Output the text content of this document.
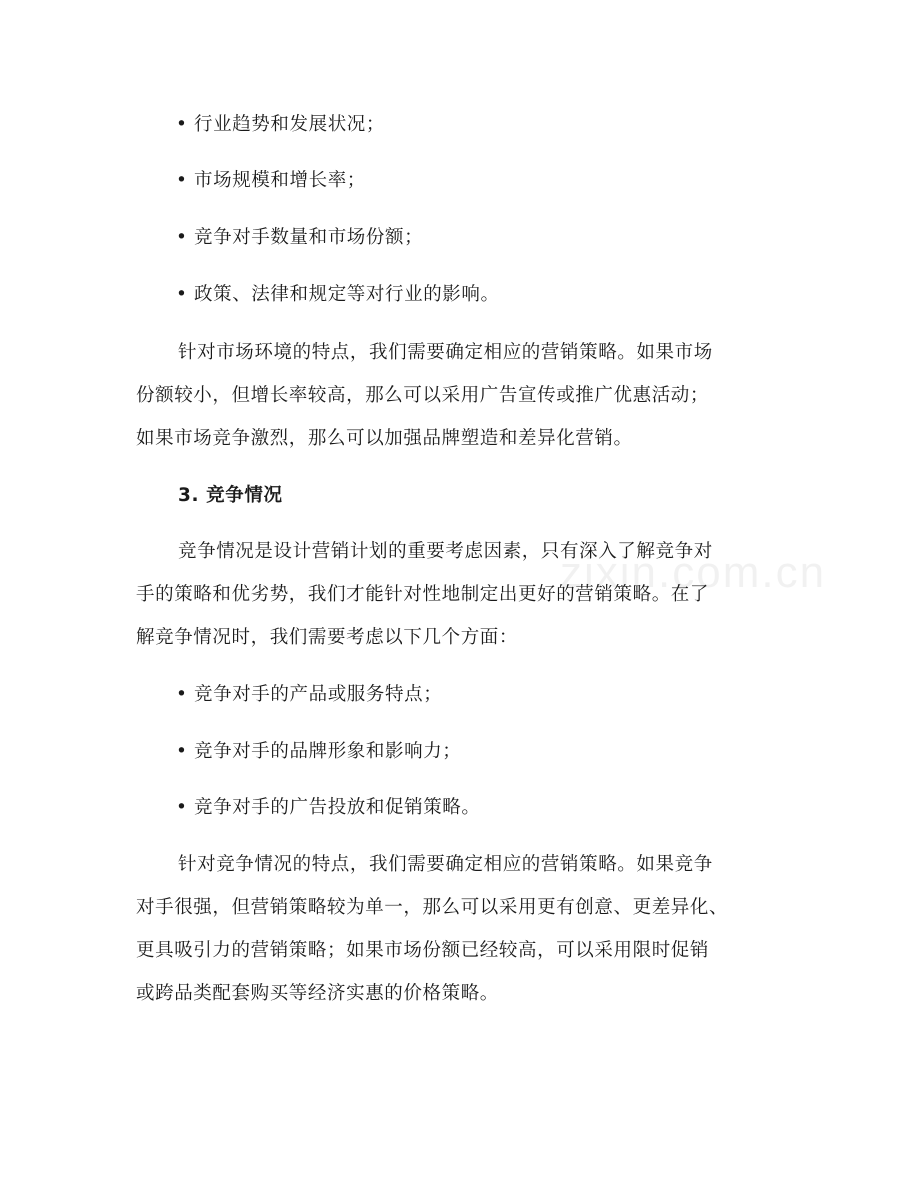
zixin.com.cn
• 行业趋势和发展状况；
• 市场规模和增长率；
• 竞争对手数量和市场份额；
• 政策、法律和规定等对行业的影响。
针对市场环境的特点，我们需要确定相应的营销策略。如果市场
份额较小，但增长率较高，那么可以采用广告宣传或推广优惠活动；
如果市场竞争激烈，那么可以加强品牌塑造和差异化营销。
3. 竞争情况
竞争情况是设计营销计划的重要考虑因素，只有深入了解竞争对
手的策略和优劣势，我们才能针对性地制定出更好的营销策略。在了
解竞争情况时，我们需要考虑以下几个方面：
• 竞争对手的产品或服务特点；
• 竞争对手的品牌形象和影响力；
• 竞争对手的广告投放和促销策略。
针对竞争情况的特点，我们需要确定相应的营销策略。如果竞争
对手很强，但营销策略较为单一，那么可以采用更有创意、更差异化、
更具吸引力的营销策略；如果市场份额已经较高，可以采用限时促销
或跨品类配套购买等经济实惠的价格策略。
